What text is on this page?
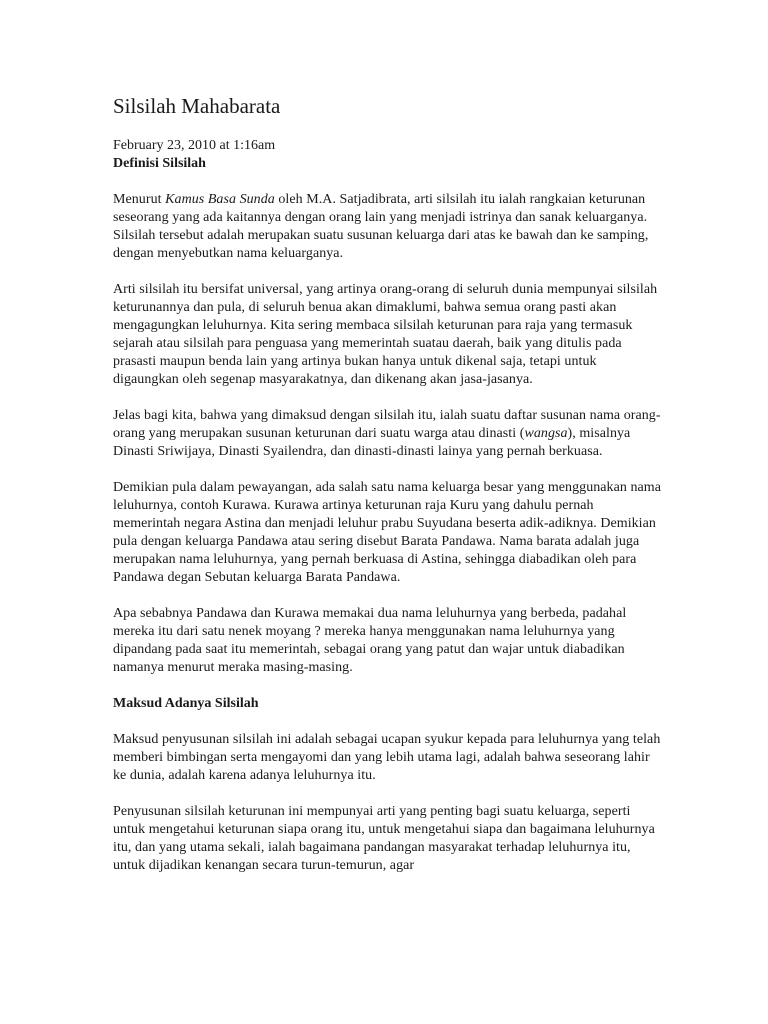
Silsilah Mahabarata
February 23, 2010 at 1:16am
Definisi Silsilah

Menurut Kamus Basa Sunda oleh M.A. Satjadibrata, arti silsilah itu ialah rangkaian keturunan seseorang yang ada kaitannya dengan orang lain yang menjadi istrinya dan sanak keluarganya. Silsilah tersebut adalah merupakan suatu susunan keluarga dari atas ke bawah dan ke samping, dengan menyebutkan nama keluarganya.

Arti silsilah itu bersifat universal, yang artinya orang-orang di seluruh dunia mempunyai silsilah keturunannya dan pula, di seluruh benua akan dimaklumi, bahwa semua orang pasti akan mengagungkan leluhurnya. Kita sering membaca silsilah keturunan para raja yang termasuk sejarah atau silsilah para penguasa yang memerintah suatau daerah, baik yang ditulis pada prasasti maupun benda lain yang artinya bukan hanya untuk dikenal saja, tetapi untuk digaungkan oleh segenap masyarakatnya, dan dikenang akan jasa-jasanya.

Jelas bagi kita, bahwa yang dimaksud dengan silsilah itu, ialah suatu daftar susunan nama orang-orang yang merupakan susunan keturunan dari suatu warga atau dinasti (wangsa), misalnya Dinasti Sriwijaya, Dinasti Syailendra, dan dinasti-dinasti lainya yang pernah berkuasa.

Demikian pula dalam pewayangan, ada salah satu nama keluarga besar yang menggunakan nama leluhurnya, contoh Kurawa. Kurawa artinya keturunan raja Kuru yang dahulu pernah memerintah negara Astina dan menjadi leluhur prabu Suyudana beserta adik-adiknya. Demikian pula dengan keluarga Pandawa atau sering disebut Barata Pandawa. Nama barata adalah juga merupakan nama leluhurnya, yang pernah berkuasa di Astina, sehingga diabadikan oleh para Pandawa degan Sebutan keluarga Barata Pandawa.

Apa sebabnya Pandawa dan Kurawa memakai dua nama leluhurnya yang berbeda, padahal mereka itu dari satu nenek moyang ? mereka hanya menggunakan nama leluhurnya yang dipandang pada saat itu memerintah, sebagai orang yang patut dan wajar untuk diabadikan namanya menurut meraka masing-masing.

Maksud Adanya Silsilah

Maksud penyusunan silsilah ini adalah sebagai ucapan syukur kepada para leluhurnya yang telah memberi bimbingan serta mengayomi dan yang lebih utama lagi, adalah bahwa seseorang lahir ke dunia, adalah karena adanya leluhurnya itu.

Penyusunan silsilah keturunan ini mempunyai arti yang penting bagi suatu keluarga, seperti untuk mengetahui keturunan siapa orang itu, untuk mengetahui siapa dan bagaimana leluhurnya itu, dan yang utama sekali, ialah bagaimana pandangan masyarakat terhadap leluhurnya itu, untuk dijadikan kenangan secara turun-temurun, agar
